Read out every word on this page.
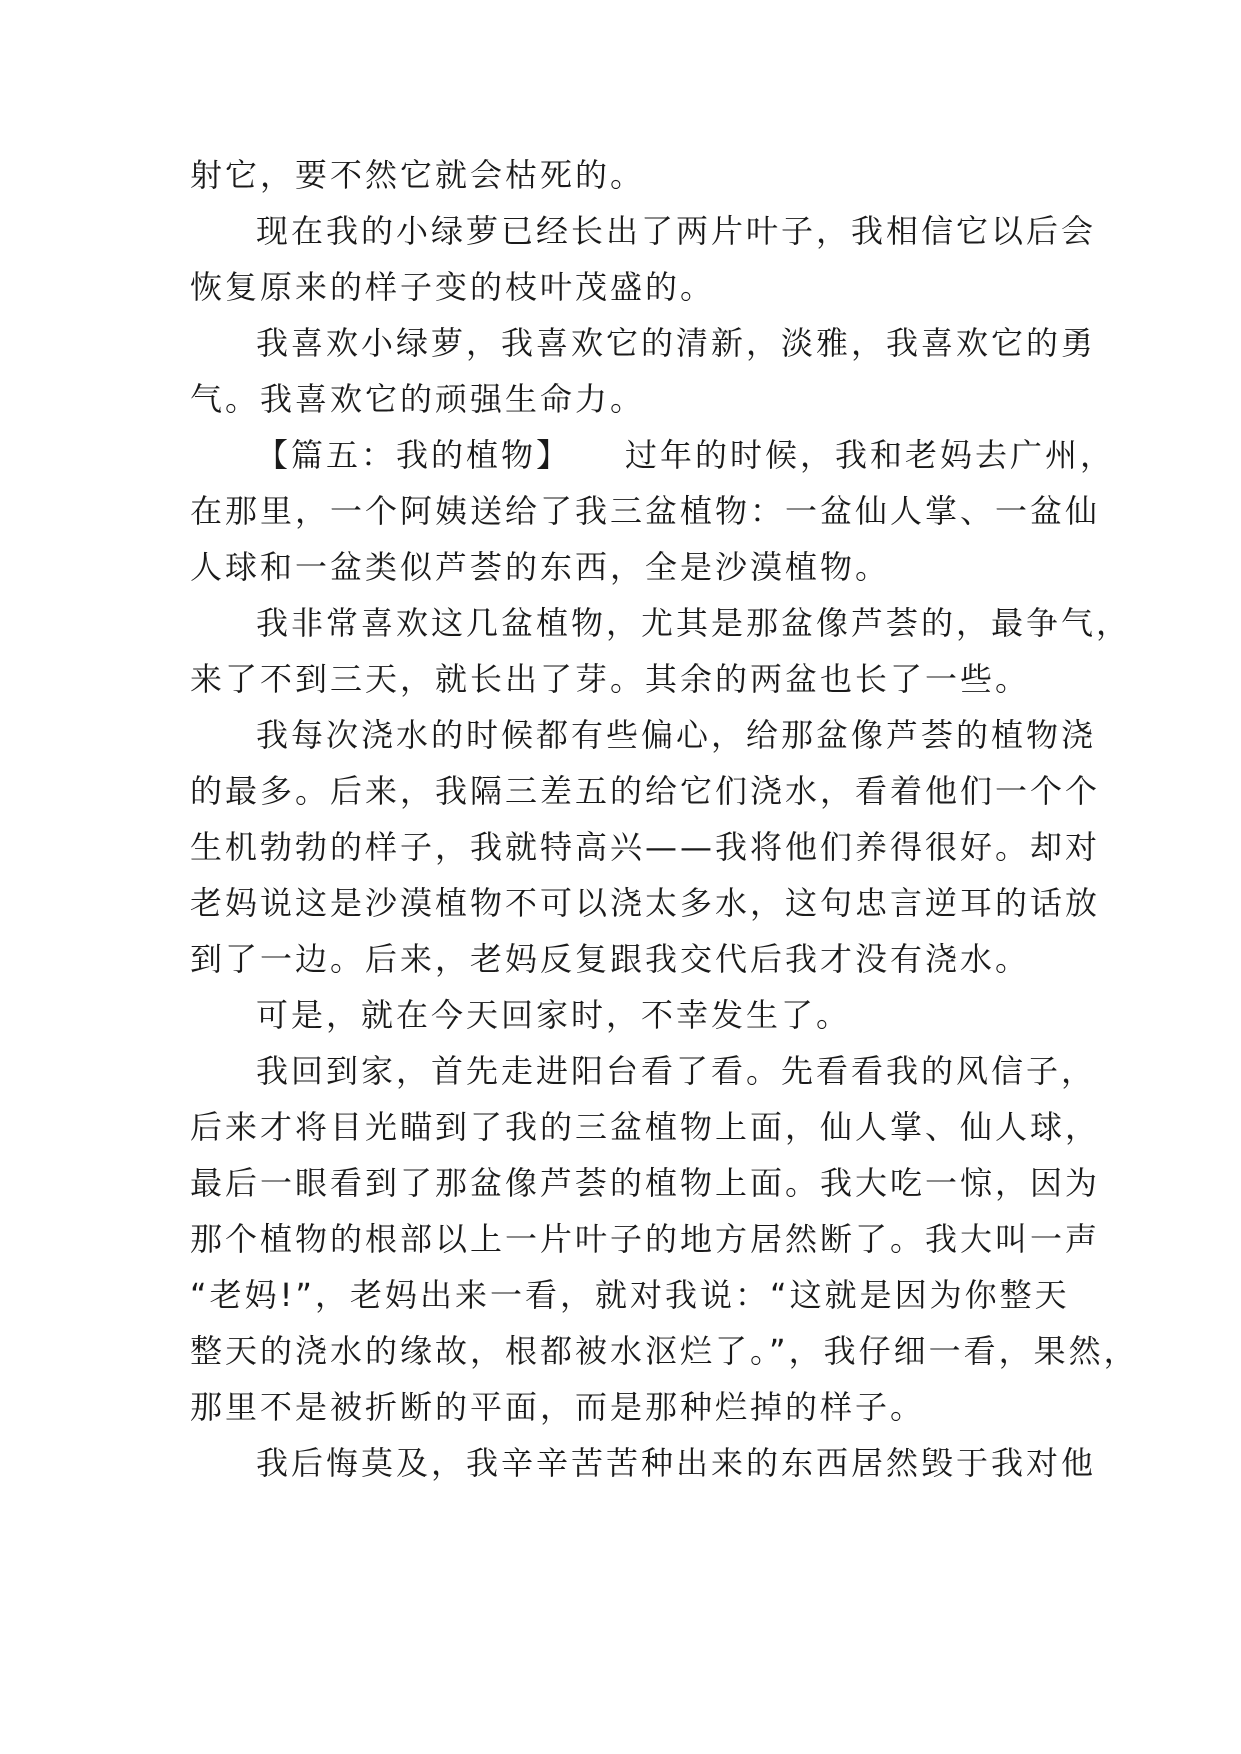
射它，要不然它就会枯死的。
现在我的小绿萝已经长出了两片叶子，我相信它以后会
恢复原来的样子变的枝叶茂盛的。
我喜欢小绿萝，我喜欢它的清新，淡雅，我喜欢它的勇
气。我喜欢它的顽强生命力。
【篇五：我的植物】　　过年的时候，我和老妈去广州，
在那里，一个阿姨送给了我三盆植物：一盆仙人掌、一盆仙
人球和一盆类似芦荟的东西，全是沙漠植物。
我非常喜欢这几盆植物，尤其是那盆像芦荟的，最争气，
来了不到三天，就长出了芽。其余的两盆也长了一些。
我每次浇水的时候都有些偏心，给那盆像芦荟的植物浇
的最多。后来，我隔三差五的给它们浇水，看着他们一个个
生机勃勃的样子，我就特高兴——我将他们养得很好。却对
老妈说这是沙漠植物不可以浇太多水，这句忠言逆耳的话放
到了一边。后来，老妈反复跟我交代后我才没有浇水。
可是，就在今天回家时，不幸发生了。
我回到家，首先走进阳台看了看。先看看我的风信子，
后来才将目光瞄到了我的三盆植物上面，仙人掌、仙人球，
最后一眼看到了那盆像芦荟的植物上面。我大吃一惊，因为
那个植物的根部以上一片叶子的地方居然断了。我大叫一声
“老妈!”，老妈出来一看，就对我说：“这就是因为你整天
整天的浇水的缘故，根都被水沤烂了。”，我仔细一看，果然，
那里不是被折断的平面，而是那种烂掉的样子。
我后悔莫及，我辛辛苦苦种出来的东西居然毁于我对他
